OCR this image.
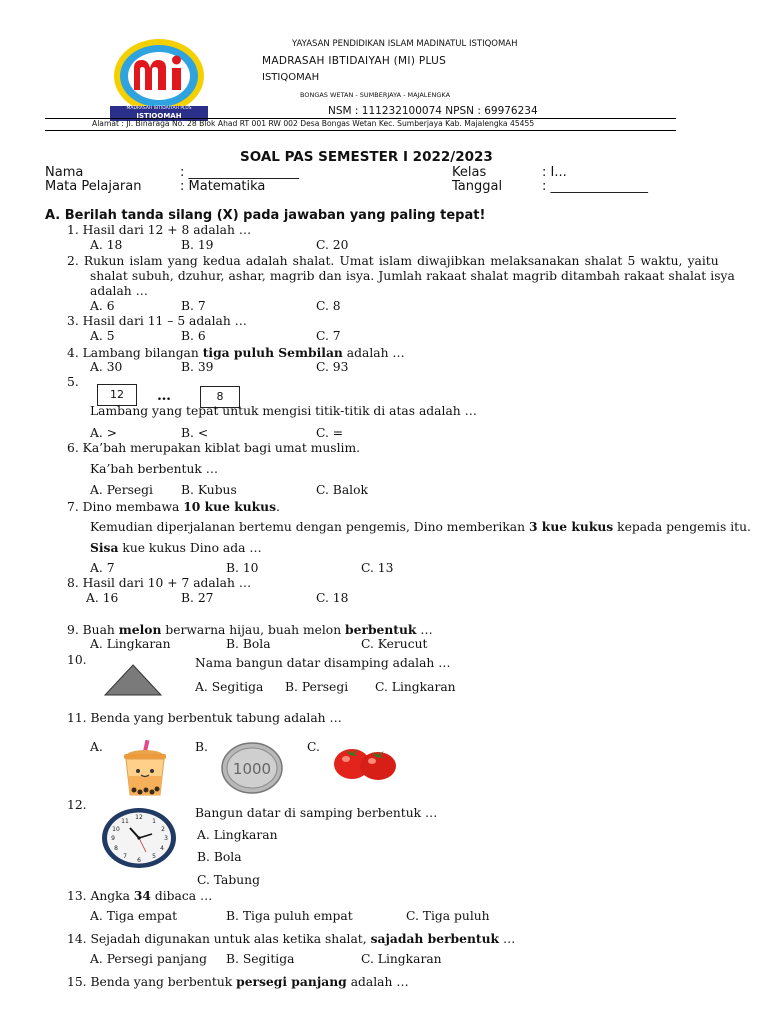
MADRASAH IBTIDAIYAH PLUS
ISTIQOMAH
YAYASAN PENDIDIKAN ISLAM MADINATUL ISTIQOMAH
MADRASAH IBTIDAIYAH (MI) PLUS
ISTIQOMAH
BONGAS WETAN - SUMBERJAYA - MAJALENGKA
NSM : 111232100074 NPSN : 69976234
Alamat : Jl. Binaraga No. 28 Blok Ahad RT 001 RW 002 Desa Bongas Wetan Kec. Sumberjaya Kab. Majalengka 45455
SOAL PAS SEMESTER I 2022/2023
Nama	: _________________	Kelas	: I...
Mata Pelajaran	: Matematika	Tanggal	: _______________
A. Berilah tanda silang (X) pada jawaban yang paling tepat!
1. Hasil dari 12 + 8 adalah …
A. 18	B. 19	C. 20
2. Rukun islam yang kedua adalah shalat. Umat islam diwajibkan melaksanakan shalat 5 waktu, yaitu
shalat subuh, dzuhur, ashar, magrib dan isya. Jumlah rakaat shalat magrib ditambah rakaat shalat isya
adalah …
A. 6	B. 7	C. 8
3. Hasil dari 11 – 5 adalah …
A. 5	B. 6	C. 7
4. Lambang bilangan tiga puluh Sembilan adalah …
A. 30	B. 39	C. 93
5.
12	…	8
Lambang yang tepat untuk mengisi titik-titik di atas adalah …
A. >	B. <	C. =
6. Ka’bah merupakan kiblat bagi umat muslim.
Ka’bah berbentuk …
A. Persegi B. Kubus	C. Balok
7. Dino membawa 10 kue kukus.
Kemudian diperjalanan bertemu dengan pengemis, Dino memberikan 3 kue kukus kepada pengemis itu.
Sisa kue kukus Dino ada …
A. 7	B. 10	C. 13
8. Hasil dari 10 + 7 adalah …
A. 16	B. 27	C. 18
9. Buah melon berwarna hijau, buah melon berbentuk …
A. Lingkaran	B. Bola	C. Kerucut
10.	Nama bangun datar disamping adalah …
A. Segitiga B. Persegi C. Lingkaran
11. Benda yang berbentuk tabung adalah …
A.	B.
1000
C.
12.
12
1
2
3
4
5
6
7
8
9
10
11
Bangun datar di samping berbentuk …
A. Lingkaran
B. Bola
C. Tabung
13. Angka 34 dibaca …
A. Tiga empat	B. Tiga puluh empat	C. Tiga puluh
14. Sejadah digunakan untuk alas ketika shalat, sajadah berbentuk …
A. Persegi panjang B. Segitiga	C. Lingkaran
15. Benda yang berbentuk persegi panjang adalah …
